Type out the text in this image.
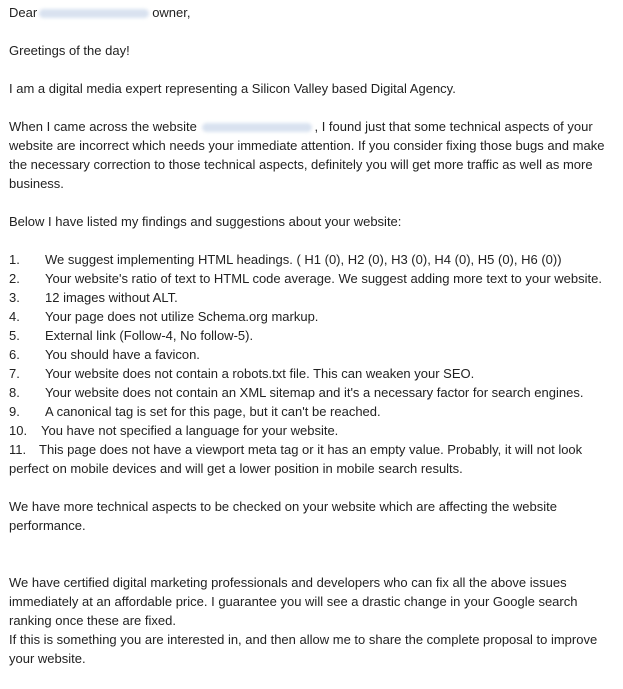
Dear	owner,
Greetings of the day!
I am a digital media expert representing a Silicon Valley based Digital Agency.
When I came across the website	, I found just that some technical aspects of your website are incorrect which needs your immediate attention. If you consider fixing those bugs and make the necessary correction to those technical aspects, definitely you will get more traffic as well as more business.
Below I have listed my findings and suggestions about your website:
1. We suggest implementing HTML headings. ( H1 (0), H2 (0), H3 (0), H4 (0), H5 (0), H6 (0))
2. Your website's ratio of text to HTML code average. We suggest adding more text to your website.
3. 12 images without ALT.
4. Your page does not utilize Schema.org markup.
5. External link (Follow-4, No follow-5).
6. You should have a favicon.
7. Your website does not contain a robots.txt file. This can weaken your SEO.
8. Your website does not contain an XML sitemap and it's a necessary factor for search engines.
9. A canonical tag is set for this page, but it can't be reached.
10. You have not specified a language for your website.
11. This page does not have a viewport meta tag or it has an empty value. Probably, it will not look perfect on mobile devices and will get a lower position in mobile search results.
We have more technical aspects to be checked on your website which are affecting the website performance.
We have certified digital marketing professionals and developers who can fix all the above issues immediately at an affordable price. I guarantee you will see a drastic change in your Google search ranking once these are fixed.
If this is something you are interested in, and then allow me to share the complete proposal to improve your website.
